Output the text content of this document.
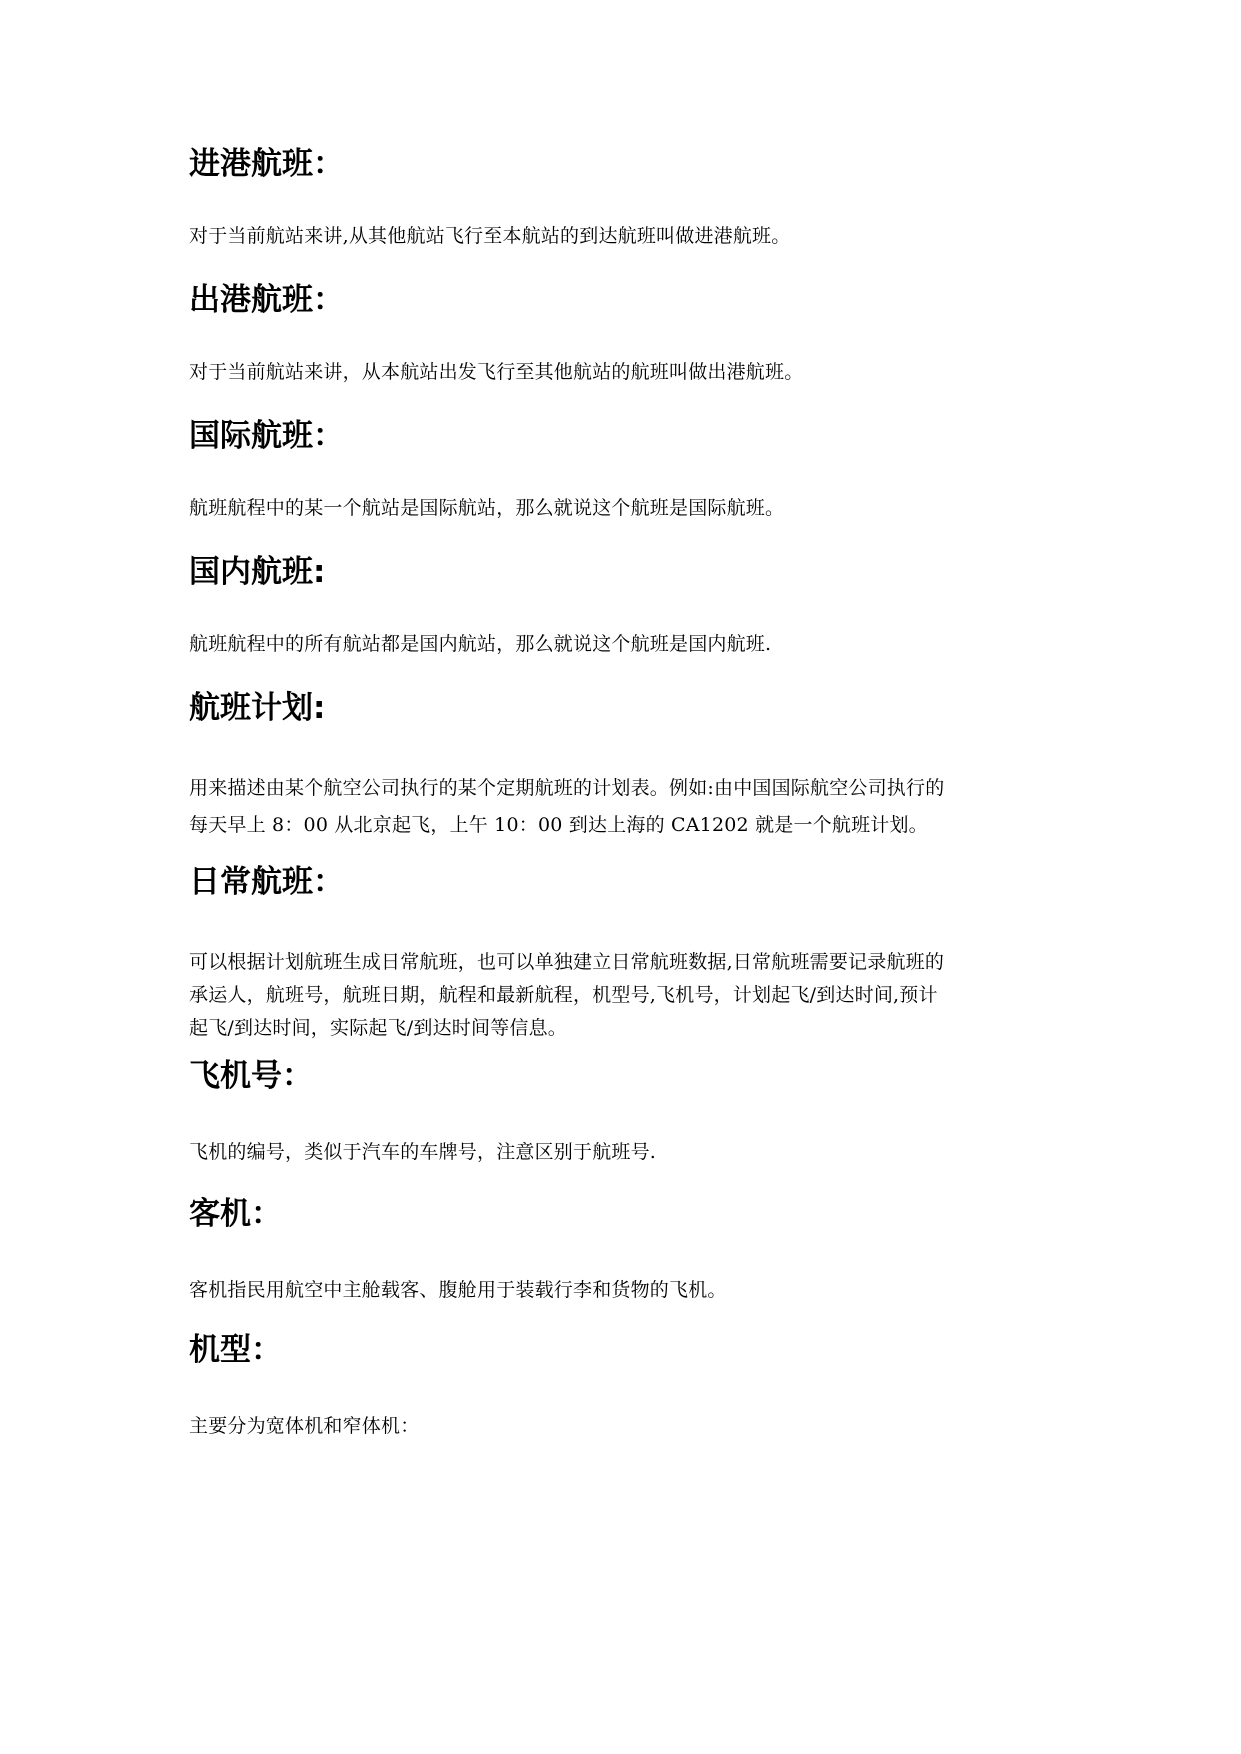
进港航班：

对于当前航站来讲,从其他航站飞行至本航站的到达航班叫做进港航班。

出港航班：

对于当前航站来讲，从本航站出发飞行至其他航站的航班叫做出港航班。

国际航班：

航班航程中的某一个航站是国际航站，那么就说这个航班是国际航班。

国内航班:

航班航程中的所有航站都是国内航站，那么就说这个航班是国内航班.

航班计划:

用来描述由某个航空公司执行的某个定期航班的计划表。例如:由中国国际航空公司执行的

每天早上 8：00 从北京起飞，上午 10：00 到达上海的 CA1202 就是一个航班计划。

日常航班：

可以根据计划航班生成日常航班，也可以单独建立日常航班数据,日常航班需要记录航班的

承运人，航班号，航班日期，航程和最新航程，机型号,飞机号，计划起飞/到达时间,预计

起飞/到达时间，实际起飞/到达时间等信息。

飞机号：

飞机的编号，类似于汽车的车牌号，注意区别于航班号.

客机：

客机指民用航空中主舱载客、腹舱用于装载行李和货物的飞机。

机型：

主要分为宽体机和窄体机：
